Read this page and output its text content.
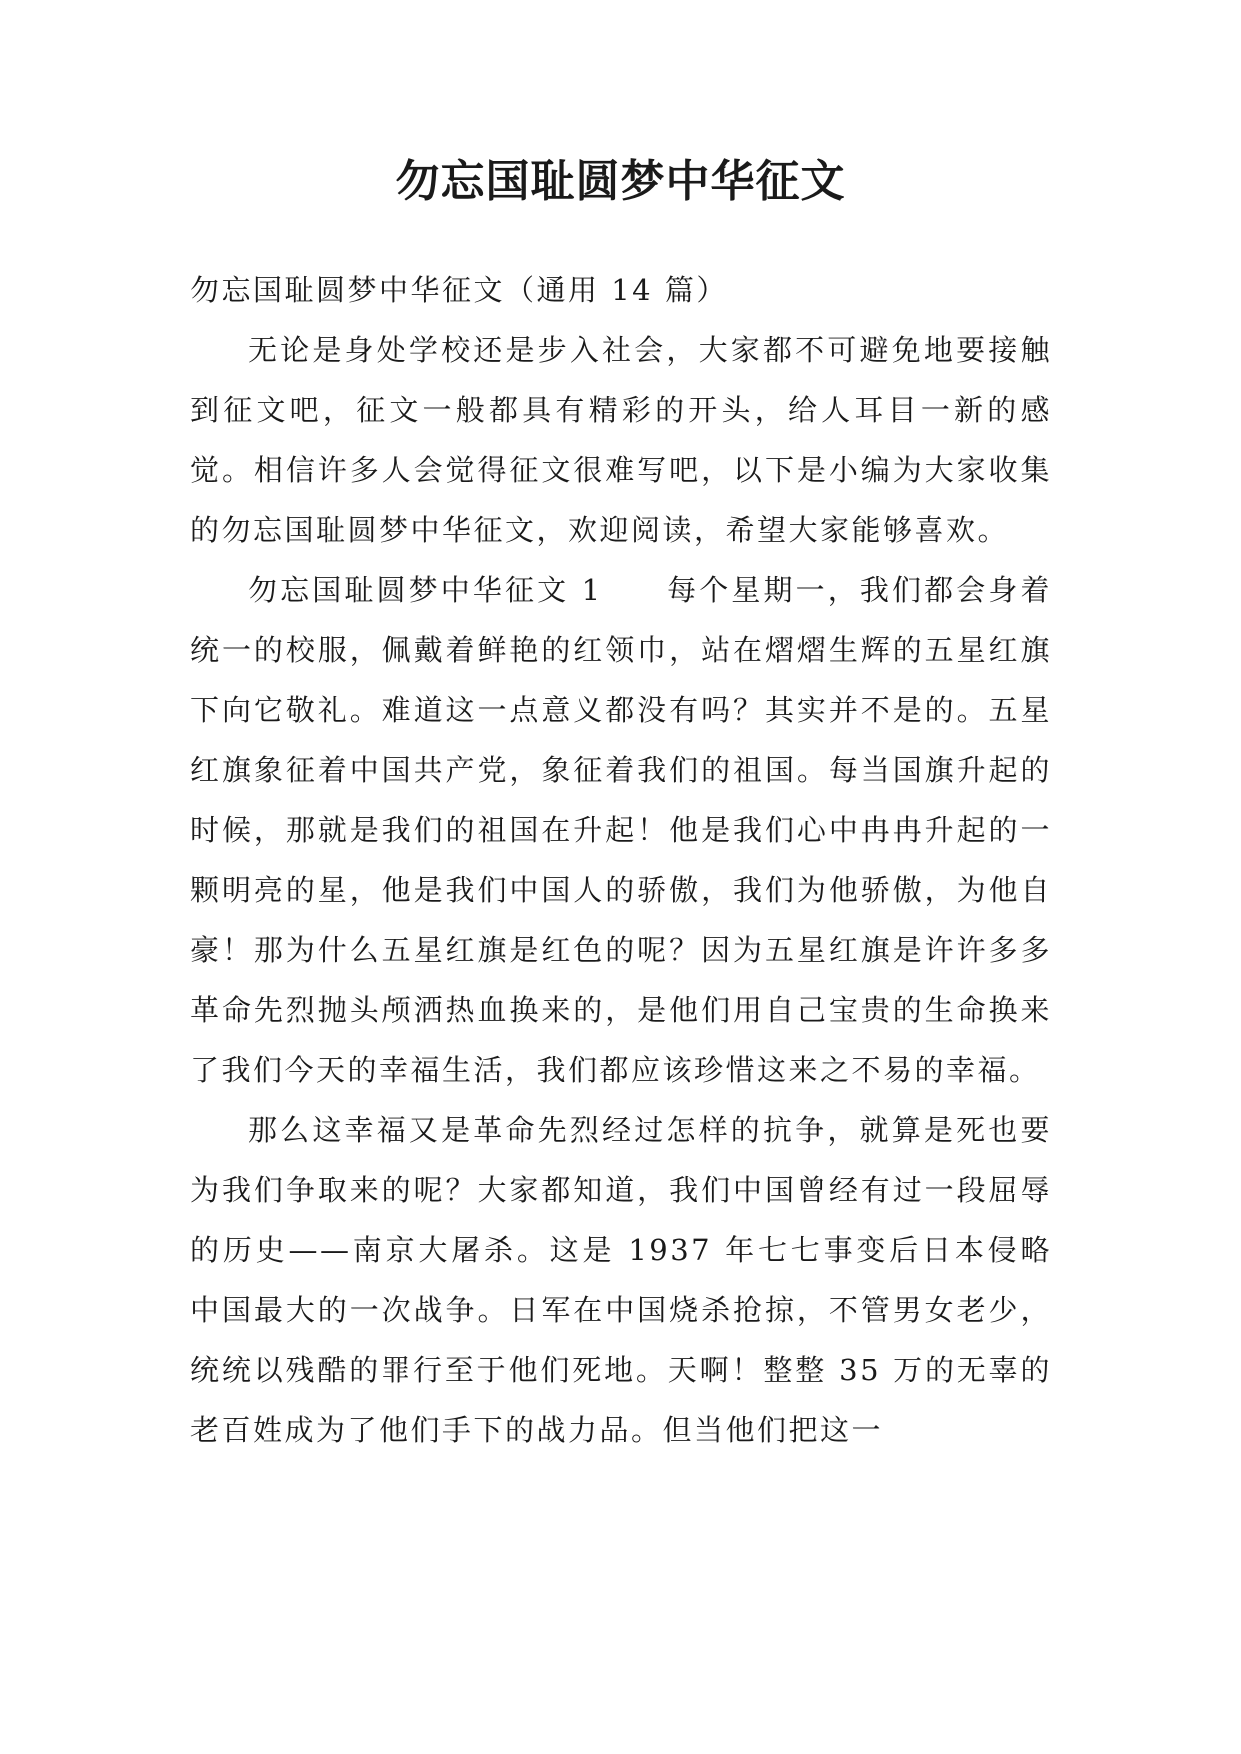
勿忘国耻圆梦中华征文

勿忘国耻圆梦中华征文（通用 14 篇）

无论是身处学校还是步入社会，大家都不可避免地要接触到征文吧，征文一般都具有精彩的开头，给人耳目一新的感觉。相信许多人会觉得征文很难写吧，以下是小编为大家收集的勿忘国耻圆梦中华征文，欢迎阅读，希望大家能够喜欢。

勿忘国耻圆梦中华征文 1 每个星期一，我们都会身着统一的校服，佩戴着鲜艳的红领巾，站在熠熠生辉的五星红旗下向它敬礼。难道这一点意义都没有吗？其实并不是的。五星红旗象征着中国共产党，象征着我们的祖国。每当国旗升起的时候，那就是我们的祖国在升起！他是我们心中冉冉升起的一颗明亮的星，他是我们中国人的骄傲，我们为他骄傲，为他自豪！那为什么五星红旗是红色的呢？因为五星红旗是许许多多革命先烈抛头颅洒热血换来的，是他们用自己宝贵的生命换来了我们今天的幸福生活，我们都应该珍惜这来之不易的幸福。

那么这幸福又是革命先烈经过怎样的抗争，就算是死也要为我们争取来的呢？大家都知道，我们中国曾经有过一段屈辱的历史——南京大屠杀。这是 1937 年七七事变后日本侵略中国最大的一次战争。日军在中国烧杀抢掠，不管男女老少，统统以残酷的罪行至于他们死地。天啊！整整 35 万的无辜的老百姓成为了他们手下的战力品。但当他们把这一
